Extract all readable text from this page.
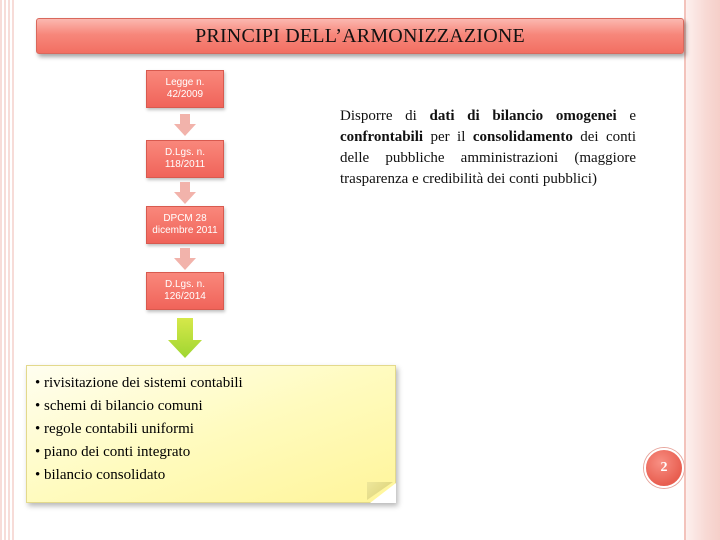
PRINCIPI DELL’ARMONIZZAZIONE
Legge n.
42/2009
D.Lgs. n.
118/2011
DPCM 28
dicembre 2011
D.Lgs. n.
126/2014
Disporre di dati di bilancio omogenei e confrontabili per il consolidamento dei conti delle pubbliche amministrazioni (maggiore trasparenza e credibilità dei conti pubblici)
• rivisitazione dei sistemi contabili
• schemi di bilancio comuni
• regole contabili uniformi
• piano dei conti integrato
• bilancio consolidato	2
